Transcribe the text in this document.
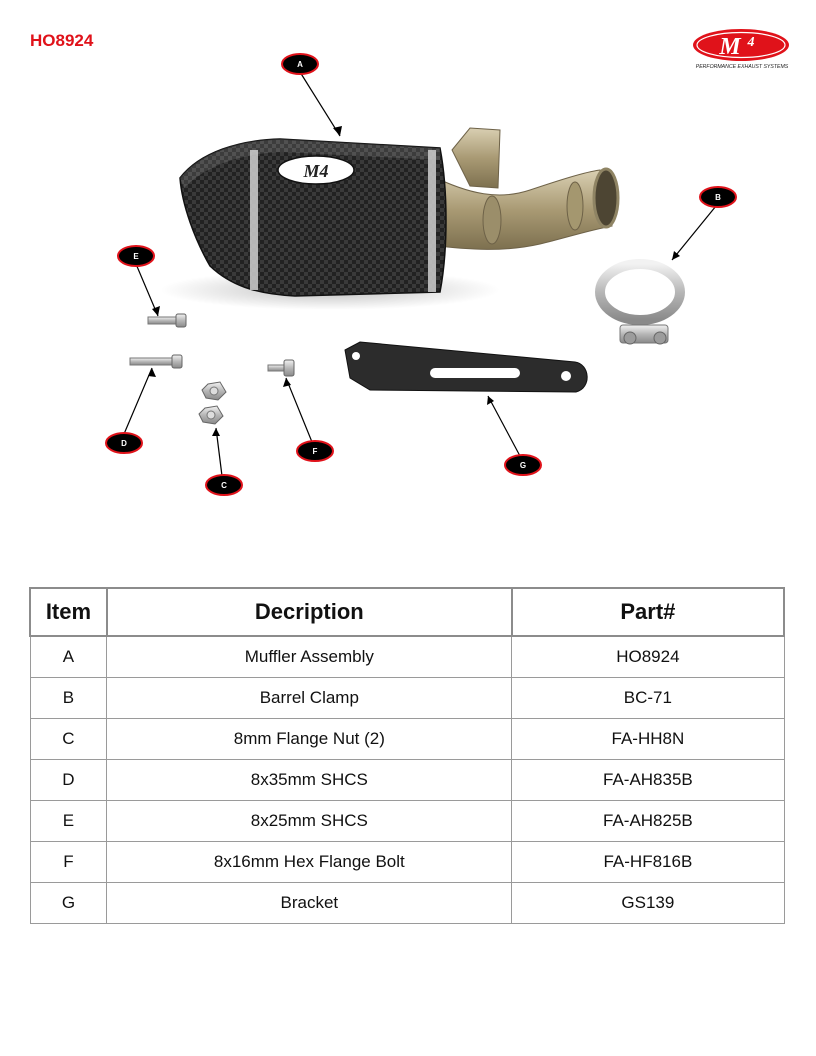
HO8924	M 4
PERFORMANCE EXHAUST SYSTEMS
M4
A
B
C
D
E
F
G
Item	Decription	Part#
A	Muffler Assembly	HO8924
B	Barrel Clamp	BC-71
C	8mm Flange Nut (2)	FA-HH8N
D	8x35mm SHCS	FA-AH835B
E	8x25mm SHCS	FA-AH825B
F	8x16mm Hex Flange Bolt	FA-HF816B
G	Bracket	GS139
